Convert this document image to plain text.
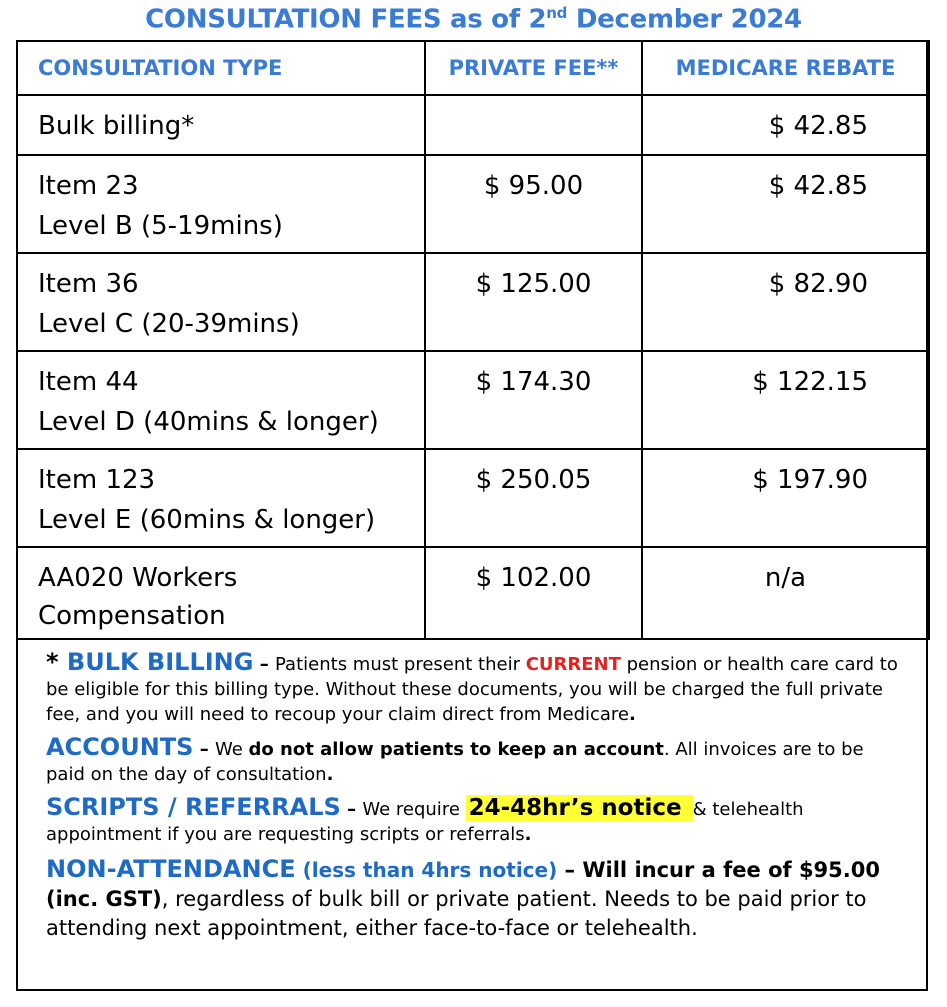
CONSULTATION FEES as of 2nd December 2024
CONSULTATION TYPE	PRIVATE FEE**	MEDICARE REBATE

Bulk billing*		$ 42.85

Item 23
Level B (5-19mins)	$ 95.00	$ 42.85

Item 36
Level C (20-39mins)	$ 125.00	$ 82.90

Item 44
Level D (40mins & longer)	$ 174.30	$ 122.15

Item 123
Level E (60mins & longer)	$ 250.05	$ 197.90

AA020 Workers
Compensation	$ 102.00	n/a

* BULK BILLING – Patients must present their CURRENT pension or health care card to be eligible for this billing type. Without these documents, you will be charged the full private fee, and you will need to recoup your claim direct from Medicare.

ACCOUNTS – We do not allow patients to keep an account. All invoices are to be paid on the day of consultation.

SCRIPTS / REFERRALS – We require 24-48hr’s notice & telehealth appointment if you are requesting scripts or referrals.

NON-ATTENDANCE (less than 4hrs notice) – Will incur a fee of $95.00 (inc. GST), regardless of bulk bill or private patient. Needs to be paid prior to attending next appointment, either face-to-face or telehealth.
